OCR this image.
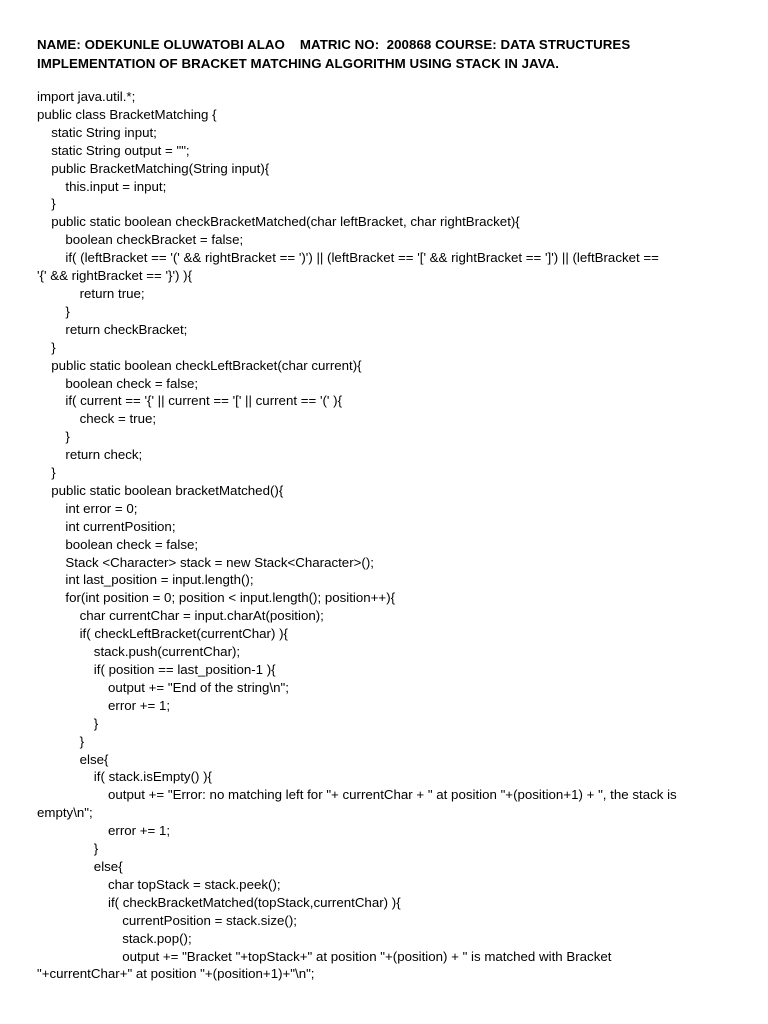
NAME: ODEKUNLE OLUWATOBI ALAO    MATRIC NO:  200868 COURSE: DATA STRUCTURES
IMPLEMENTATION OF BRACKET MATCHING ALGORITHM USING STACK IN JAVA.
import java.util.*;
public class BracketMatching {
static String input;
static String output = "";
public BracketMatching(String input){
this.input = input;
}
public static boolean checkBracketMatched(char leftBracket, char rightBracket){
boolean checkBracket = false;
if( (leftBracket == '(' && rightBracket == ')') || (leftBracket == '[' && rightBracket == ']') || (leftBracket ==
'{' && rightBracket == '}') ){
return true;
}
return checkBracket;
}
public static boolean checkLeftBracket(char current){
boolean check = false;
if( current == '{' || current == '[' || current == '(' ){
check = true;
}
return check;
}
public static boolean bracketMatched(){
int error = 0;
int currentPosition;
boolean check = false;
Stack <Character> stack = new Stack<Character>();
int last_position = input.length();
for(int position = 0; position < input.length(); position++){
char currentChar = input.charAt(position);
if( checkLeftBracket(currentChar) ){
stack.push(currentChar);
if( position == last_position-1 ){
output += "End of the string\n";
error += 1;
}
}
else{
if( stack.isEmpty() ){
output += "Error: no matching left for "+ currentChar + " at position "+(position+1) + ", the stack is
empty\n";
error += 1;
}
else{
char topStack = stack.peek();
if( checkBracketMatched(topStack,currentChar) ){
currentPosition = stack.size();
stack.pop();
output += "Bracket "+topStack+" at position "+(position) + " is matched with Bracket
"+currentChar+" at position "+(position+1)+"\n";
